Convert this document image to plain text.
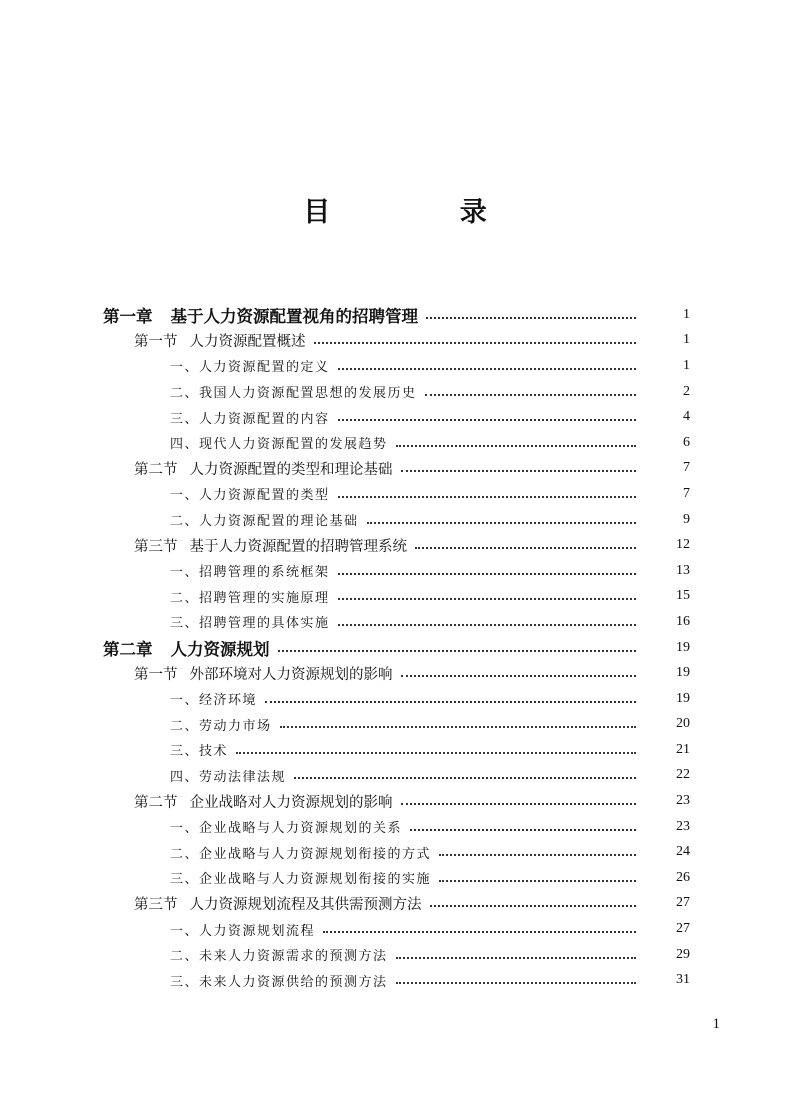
目 录
第一章 基于人力资源配置视角的招聘管理	1
第一节 人力资源配置概述	1
一、人力资源配置的定义	1
二、我国人力资源配置思想的发展历史	2
三、人力资源配置的内容	4
四、现代人力资源配置的发展趋势	6
第二节 人力资源配置的类型和理论基础	7
一、人力资源配置的类型	7
二、人力资源配置的理论基础	9
第三节 基于人力资源配置的招聘管理系统	12
一、招聘管理的系统框架	13
二、招聘管理的实施原理	15
三、招聘管理的具体实施	16
第二章 人力资源规划	19
第一节 外部环境对人力资源规划的影响	19
一、经济环境	19
二、劳动力市场	20
三、技术	21
四、劳动法律法规	22
第二节 企业战略对人力资源规划的影响	23
一、企业战略与人力资源规划的关系	23
二、企业战略与人力资源规划衔接的方式	24
三、企业战略与人力资源规划衔接的实施	26
第三节 人力资源规划流程及其供需预测方法	27
一、人力资源规划流程	27
二、未来人力资源需求的预测方法	29
三、未来人力资源供给的预测方法	31
1
